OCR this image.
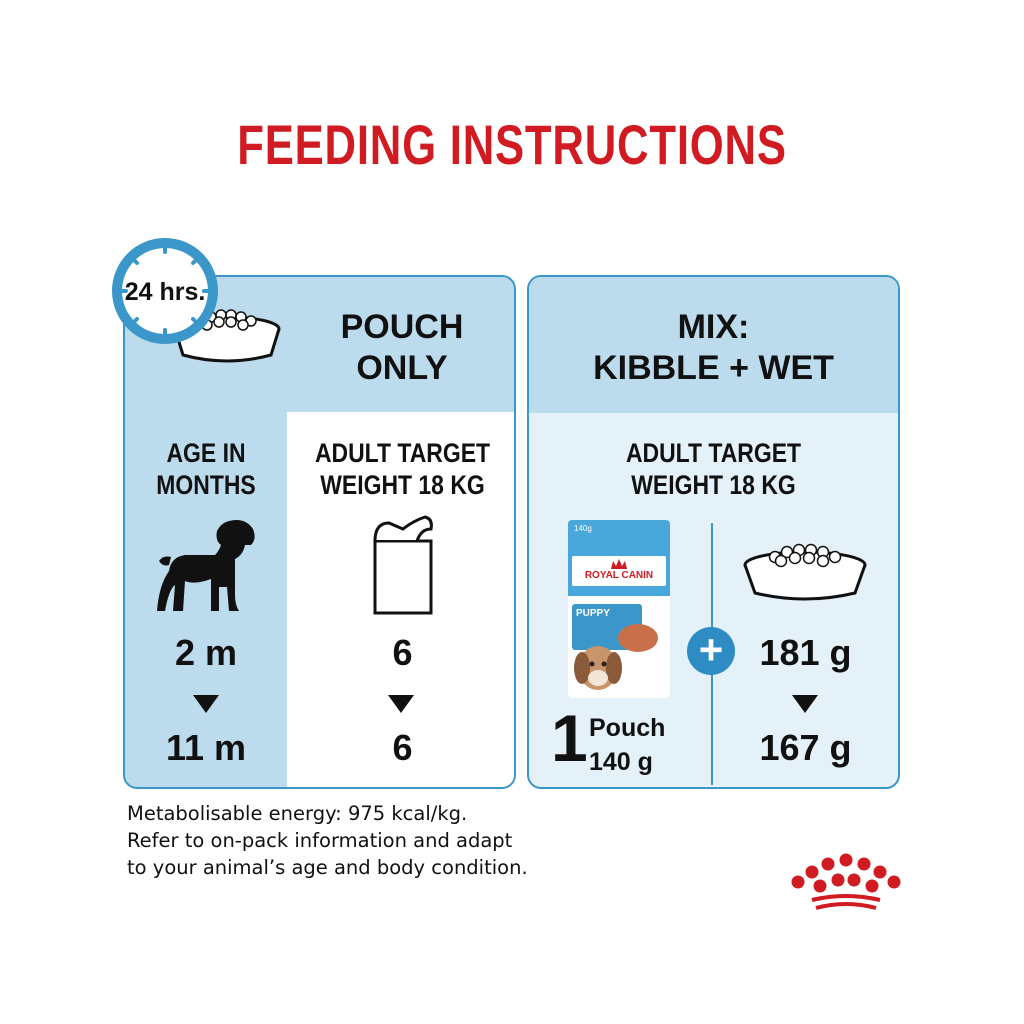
FEEDING INSTRUCTIONS
POUCH
ONLY
AGE IN
MONTHS
ADULT TARGET
WEIGHT 18 KG
2 m
11 m
6
6
24 hrs.
MIX:
KIBBLE + WET
ADULT TARGET
WEIGHT 18 KG
140g
ROYAL CANIN
PUPPY
+
1 Pouch
140 g
181 g
167 g
Metabolisable energy: 975 kcal/kg.
Refer to on-pack information and adapt
to your animal’s age and body condition.
